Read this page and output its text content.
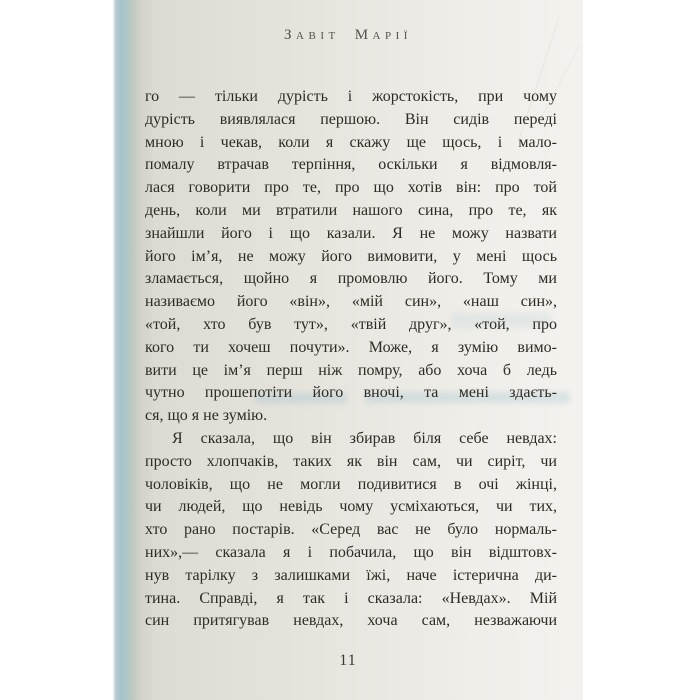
Завіт Марії
го — тільки дурість і жорстокість, при чому
дурість виявлялася першою. Він сидів переді
мною і чекав, коли я скажу ще щось, і мало-
помалу втрачав терпіння, оскільки я відмовля-
лася говорити про те, про що хотів він: про той
день, коли ми втратили нашого сина, про те, як
знайшли його і що казали. Я не можу назвати
його ім’я, не можу його вимовити, у мені щось
зламається, щойно я промовлю його. Тому ми
називаємо його «він», «мій син», «наш син»,
«той, хто був тут», «твій друг», «той, про
кого ти хочеш почути». Може, я зумію вимо-
вити це ім’я перш ніж помру, або хоча б ледь
чутно прошепотіти його вночі, та мені здаєть-
ся, що я не зумію.
Я сказала, що він збирав біля себе невдах:
просто хлопчаків, таких як він сам, чи сиріт, чи
чоловіків, що не могли подивитися в очі жінці,
чи людей, що невідь чому усміхаються, чи тих,
хто рано постарів. «Серед вас не було нормаль-
них»,— сказала я і побачила, що він відштовх-
нув тарілку з залишками їжі, наче істерична ди-
тина. Справді, я так і сказала: «Невдах». Мій
син притягував невдах, хоча сам, незважаючи
11
